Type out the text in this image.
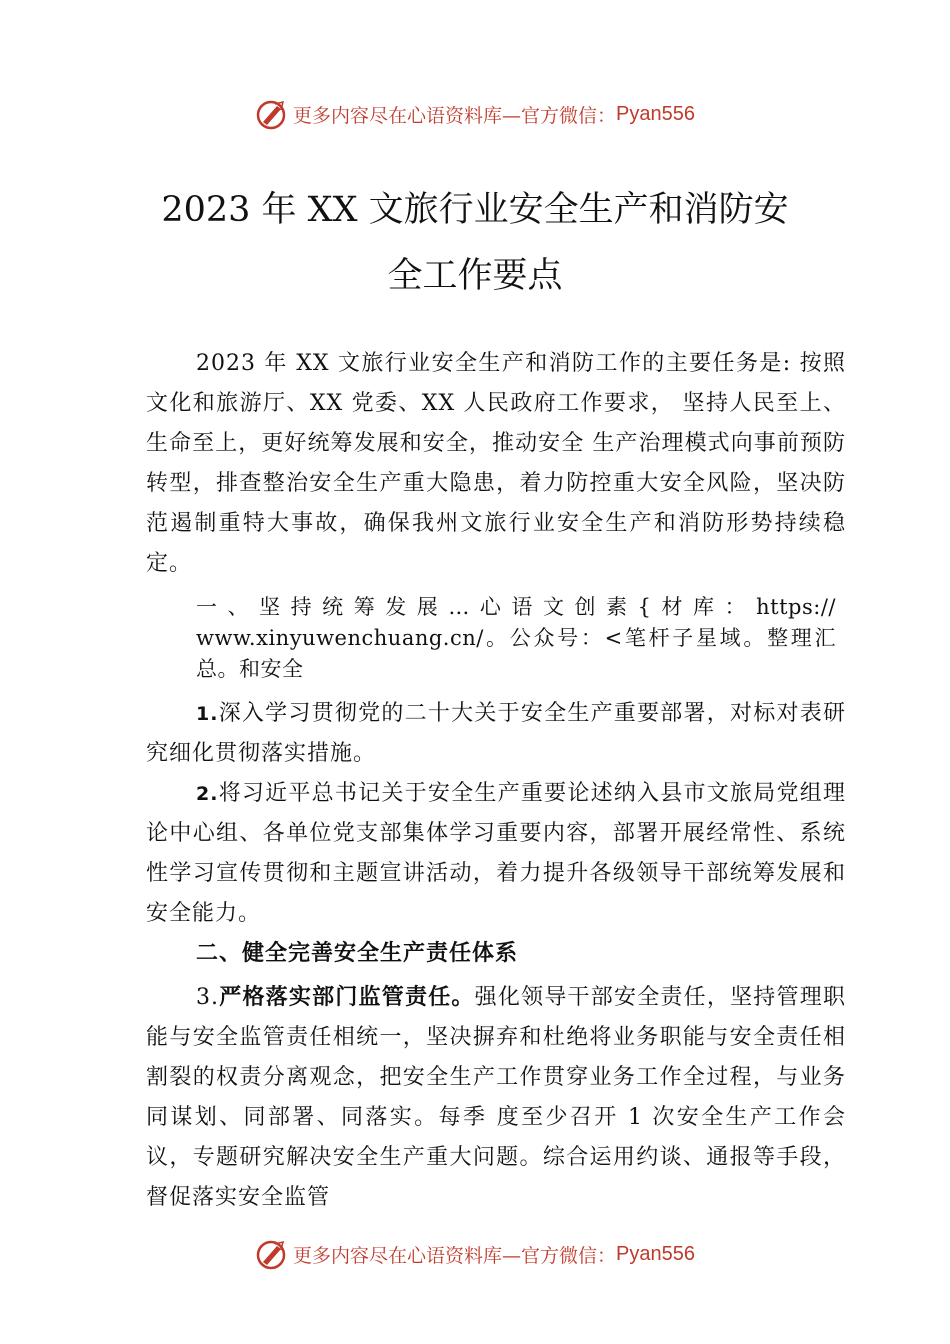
更多内容尽在心语资料库—官方微信： Pyan556
2023 年 XX 文旅行业安全生产和消防安
全工作要点

2023 年 XX 文旅行业安全生产和消防工作的主要任务是: 按照文化和旅游厅、XX 党委、XX 人民政府工作要求， 坚持人民至上、生命至上，更好统筹发展和安全，推动安全 生产治理模式向事前预防转型，排查整治安全生产重大隐患，着力防控重大安全风险，坚决防范遏制重特大事故，确保我州文旅行业安全生产和消防形势持续稳定。

一、坚持统筹发展…心语文创素{材库：https:// www.xinyuwenchuang.cn/。公众号：<笔杆子星域。整理汇总。和安全

1.深入学习贯彻党的二十大关于安全生产重要部署，对标对表研究细化贯彻落实措施。

2.将习近平总书记关于安全生产重要论述纳入县市文旅局党组理论中心组、各单位党支部集体学习重要内容，部署开展经常性、系统性学习宣传贯彻和主题宣讲活动，着力提升各级领导干部统筹发展和安全能力。

二、健全完善安全生产责任体系

3.严格落实部门监管责任。强化领导干部安全责任，坚持管理职能与安全监管责任相统一，坚决摒弃和杜绝将业务职能与安全责任相割裂的权责分离观念，把安全生产工作贯穿业务工作全过程，与业务同谋划、同部署、同落实。每季 度至少召开 1 次安全生产工作会议，专题研究解决安全生产重大问题。综合运用约谈、通报等手段，督促落实安全监管

更多内容尽在心语资料库—官方微信： Pyan556
